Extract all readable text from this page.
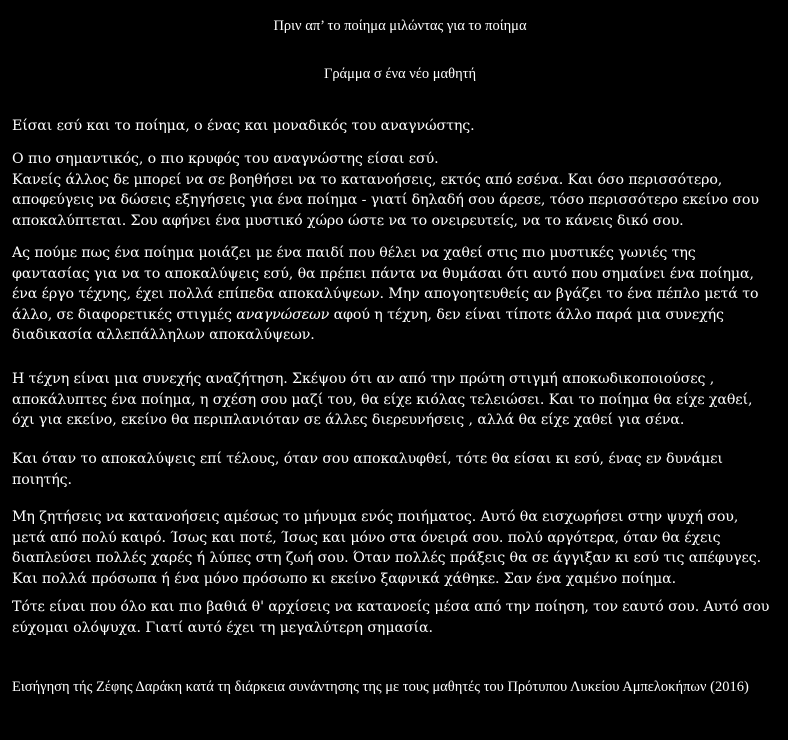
Πριν απ’ το ποίημα μιλώντας για το ποίημα
Γράμμα σ ένα νέο μαθητή
Είσαι εσύ και το ποίημα, ο ένας και μοναδικός του αναγνώστης.
Ο πιο σημαντικός, ο πιο κρυφός του αναγνώστης είσαι εσύ.
Κανείς άλλος δε μπορεί να σε βοηθήσει να το κατανοήσεις, εκτός από εσένα. Και όσο περισσότερο,
αποφεύγεις να δώσεις εξηγήσεις για ένα ποίημα - γιατί δηλαδή σου άρεσε, τόσο περισσότερο εκείνο σου
αποκαλύπτεται. Σου αφήνει ένα μυστικό χώρο ώστε να το ονειρευτείς, να το κάνεις δικό σου.
Ας πούμε πως ένα ποίημα μοιάζει με ένα παιδί που θέλει να χαθεί στις πιο μυστικές γωνιές της
φαντασίας για να το αποκαλύψεις εσύ, θα πρέπει πάντα να θυμάσαι ότι αυτό που σημαίνει ένα ποίημα,
ένα έργο τέχνης, έχει πολλά επίπεδα αποκαλύψεων. Μην απογοητευθείς αν βγάζει το ένα πέπλο μετά το
άλλο, σε διαφορετικές στιγμές αναγνώσεων αφού η τέχνη, δεν είναι τίποτε άλλο παρά μια συνεχής
διαδικασία αλλεπάλληλων αποκαλύψεων.
Η τέχνη είναι μια συνεχής αναζήτηση. Σκέψου ότι αν από την πρώτη στιγμή αποκωδικοποιούσες ,
αποκάλυπτες ένα ποίημα, η σχέση σου μαζί του, θα είχε κιόλας τελειώσει. Και το ποίημα θα είχε χαθεί,
όχι για εκείνο, εκείνο θα περιπλανιόταν σε άλλες διερευνήσεις , αλλά θα είχε χαθεί για σένα.
Και όταν το αποκαλύψεις επί τέλους, όταν σου αποκαλυφθεί, τότε θα είσαι κι εσύ, ένας εν δυνάμει
ποιητής.
Μη ζητήσεις να κατανοήσεις αμέσως το μήνυμα ενός ποιήματος. Αυτό θα εισχωρήσει στην ψυχή σου,
μετά από πολύ καιρό. Ίσως και ποτέ, Ίσως και μόνο στα όνειρά σου. πολύ αργότερα, όταν θα έχεις
διαπλεύσει πολλές χαρές ή λύπες στη ζωή σου. Όταν πολλές πράξεις θα σε άγγιξαν κι εσύ τις απέφυγες.
Και πολλά πρόσωπα ή ένα μόνο πρόσωπο κι εκείνο ξαφνικά χάθηκε. Σαν ένα χαμένο ποίημα.
Τότε είναι που όλο και πιο βαθιά θ' αρχίσεις να κατανοείς μέσα από την ποίηση, τον εαυτό σου. Αυτό σου
εύχομαι ολόψυχα. Γιατί αυτό έχει τη μεγαλύτερη σημασία.
Εισήγηση τής Ζέφης Δαράκη κατά τη διάρκεια συνάντησης της με τους μαθητές του Πρότυπου Λυκείου Αμπελοκήπων (2016)
